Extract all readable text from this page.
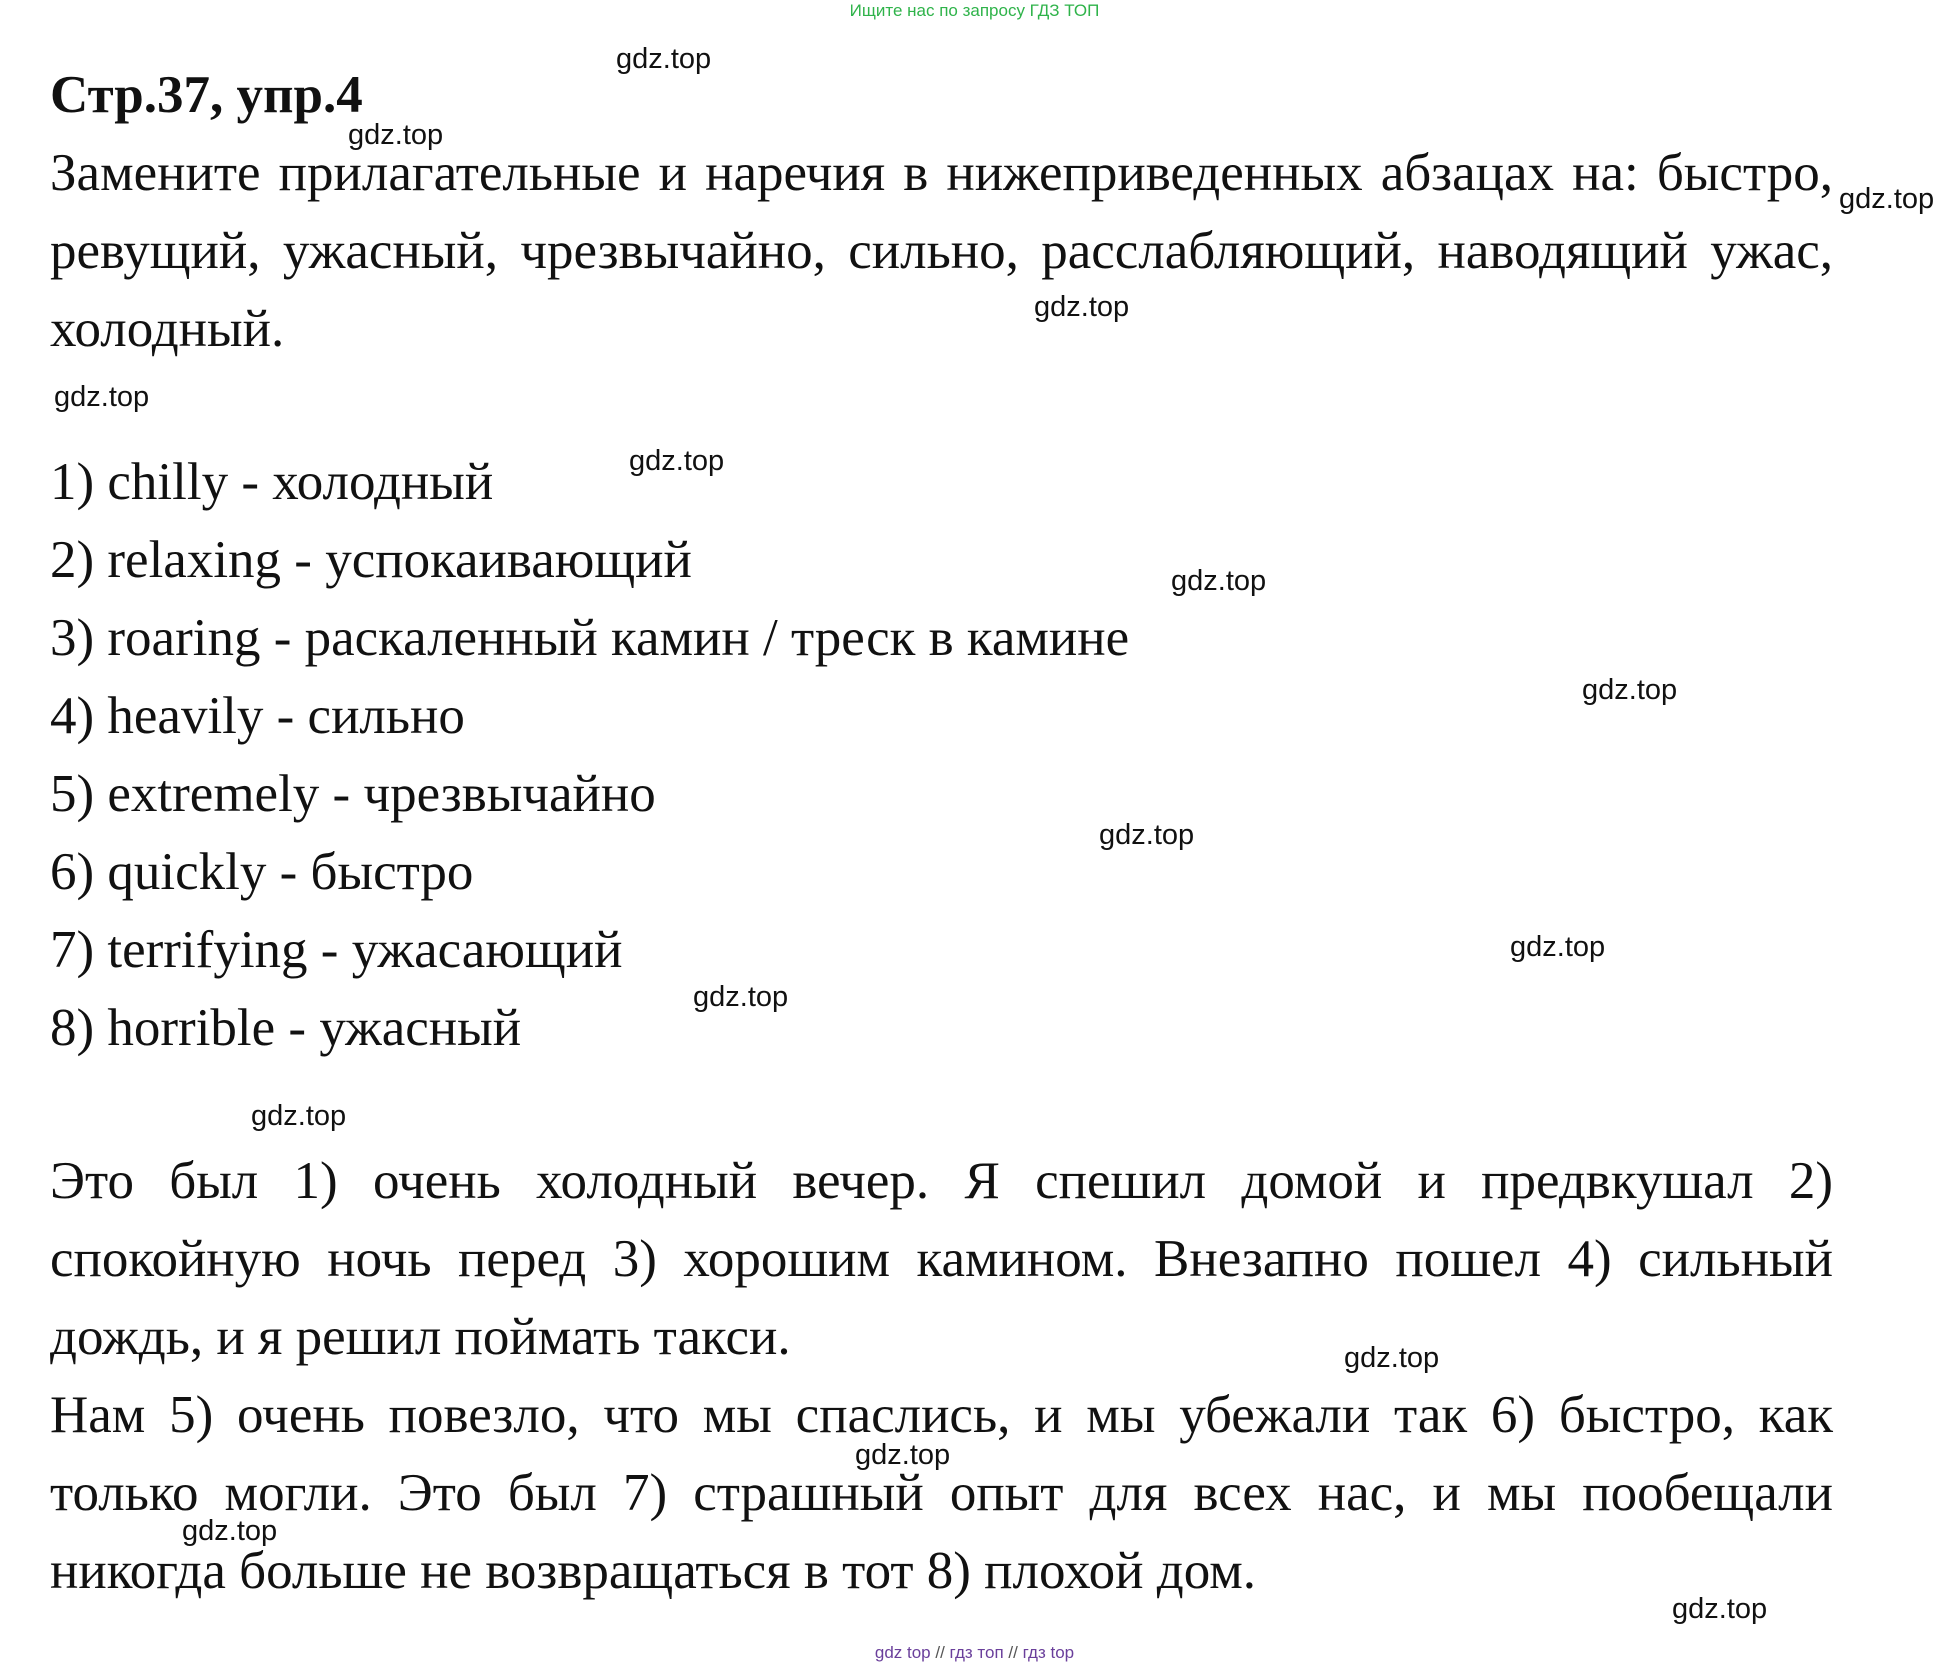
Ищите нас по запросу ГДЗ ТОП
Стр.37, упр.4

Замените прилагательные и наречия в нижеприведенных абзацах на: быстро, ревущий, ужасный, чрезвычайно, сильно, расслабляющий, наводящий ужас, холодный.

1) chilly - холодный
2) relaxing - успокаивающий
3) roaring - раскаленный камин / треск в камине
4) heavily - сильно
5) extremely - чрезвычайно
6) quickly - быстро
7) terrifying - ужасающий
8) horrible - ужасный

Это был 1) очень холодный вечер. Я спешил домой и предвкушал 2) спокойную ночь перед 3) хорошим камином. Внезапно пошел 4) сильный дождь, и я решил поймать такси.

Нам 5) очень повезло, что мы спаслись, и мы убежали так 6) быстро, как только могли. Это был 7) страшный опыт для всех нас, и мы пообещали никогда больше не возвращаться в тот 8) плохой дом.

gdz.top
gdz.top
gdz.top
gdz.top
gdz.top
gdz.top
gdz.top
gdz.top
gdz.top
gdz.top
gdz.top
gdz.top
gdz.top
gdz.top
gdz.top
gdz.top
gdz top // гдз топ // гдз top
